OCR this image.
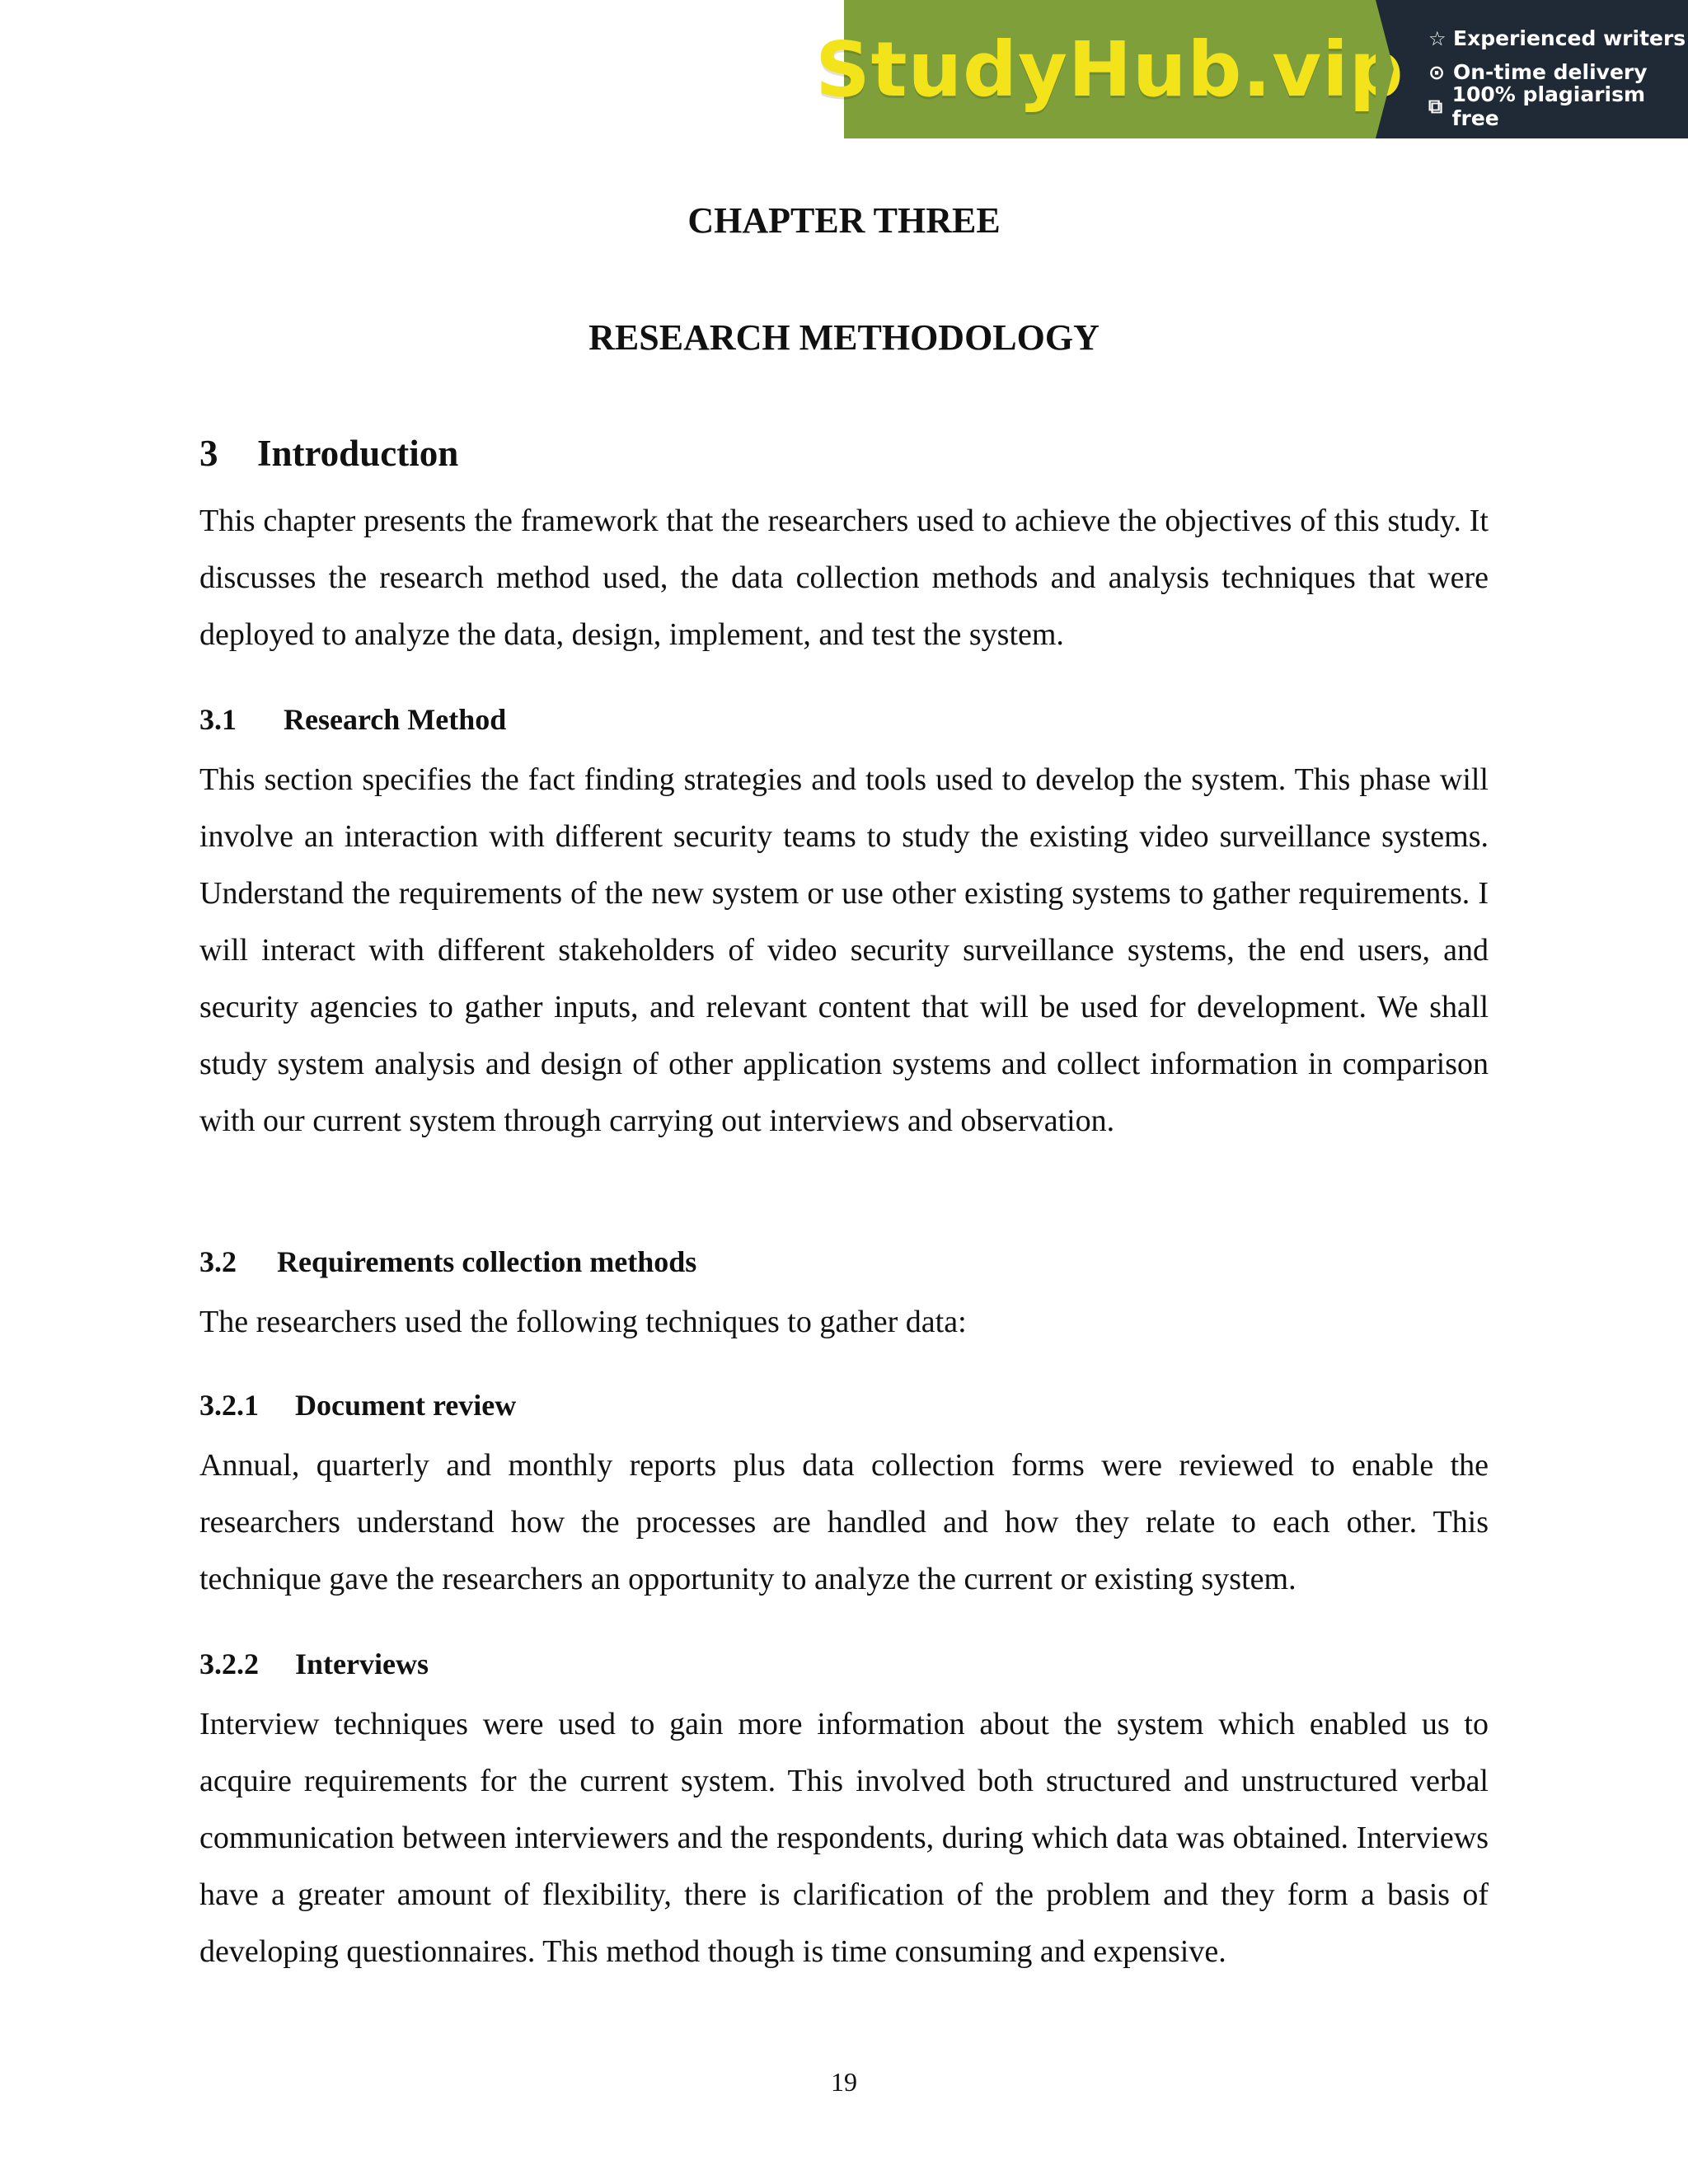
StudyHub.vip ☆ Experienced writers
⊙ On-time delivery
⧉ 100% plagiarism free
CHAPTER THREE
RESEARCH METHODOLOGY
3	Introduction

This chapter presents the framework that the researchers used to achieve the objectives of this study. It discusses the research method used, the data collection methods and analysis techniques that were deployed to analyze the data, design, implement, and test the system.

3.1	Research Method

This section specifies the fact finding strategies and tools used to develop the system. This phase will involve an interaction with different security teams to study the existing video surveillance systems. Understand the requirements of the new system or use other existing systems to gather requirements. I will interact with different stakeholders of video security surveillance systems, the end users, and security agencies to gather inputs, and relevant content that will be used for development. We shall study system analysis and design of other application systems and collect information in comparison with our current system through carrying out interviews and observation.

3.2	Requirements collection methods

The researchers used the following techniques to gather data:

3.2.1	Document review

Annual, quarterly and monthly reports plus data collection forms were reviewed to enable the researchers understand how the processes are handled and how they relate to each other. This technique gave the researchers an opportunity to analyze the current or existing system.

3.2.2	Interviews

Interview techniques were used to gain more information about the system which enabled us to acquire requirements for the current system. This involved both structured and unstructured verbal communication between interviewers and the respondents, during which data was obtained. Interviews have a greater amount of flexibility, there is clarification of the problem and they form a basis of developing questionnaires. This method though is time consuming and expensive.

19
